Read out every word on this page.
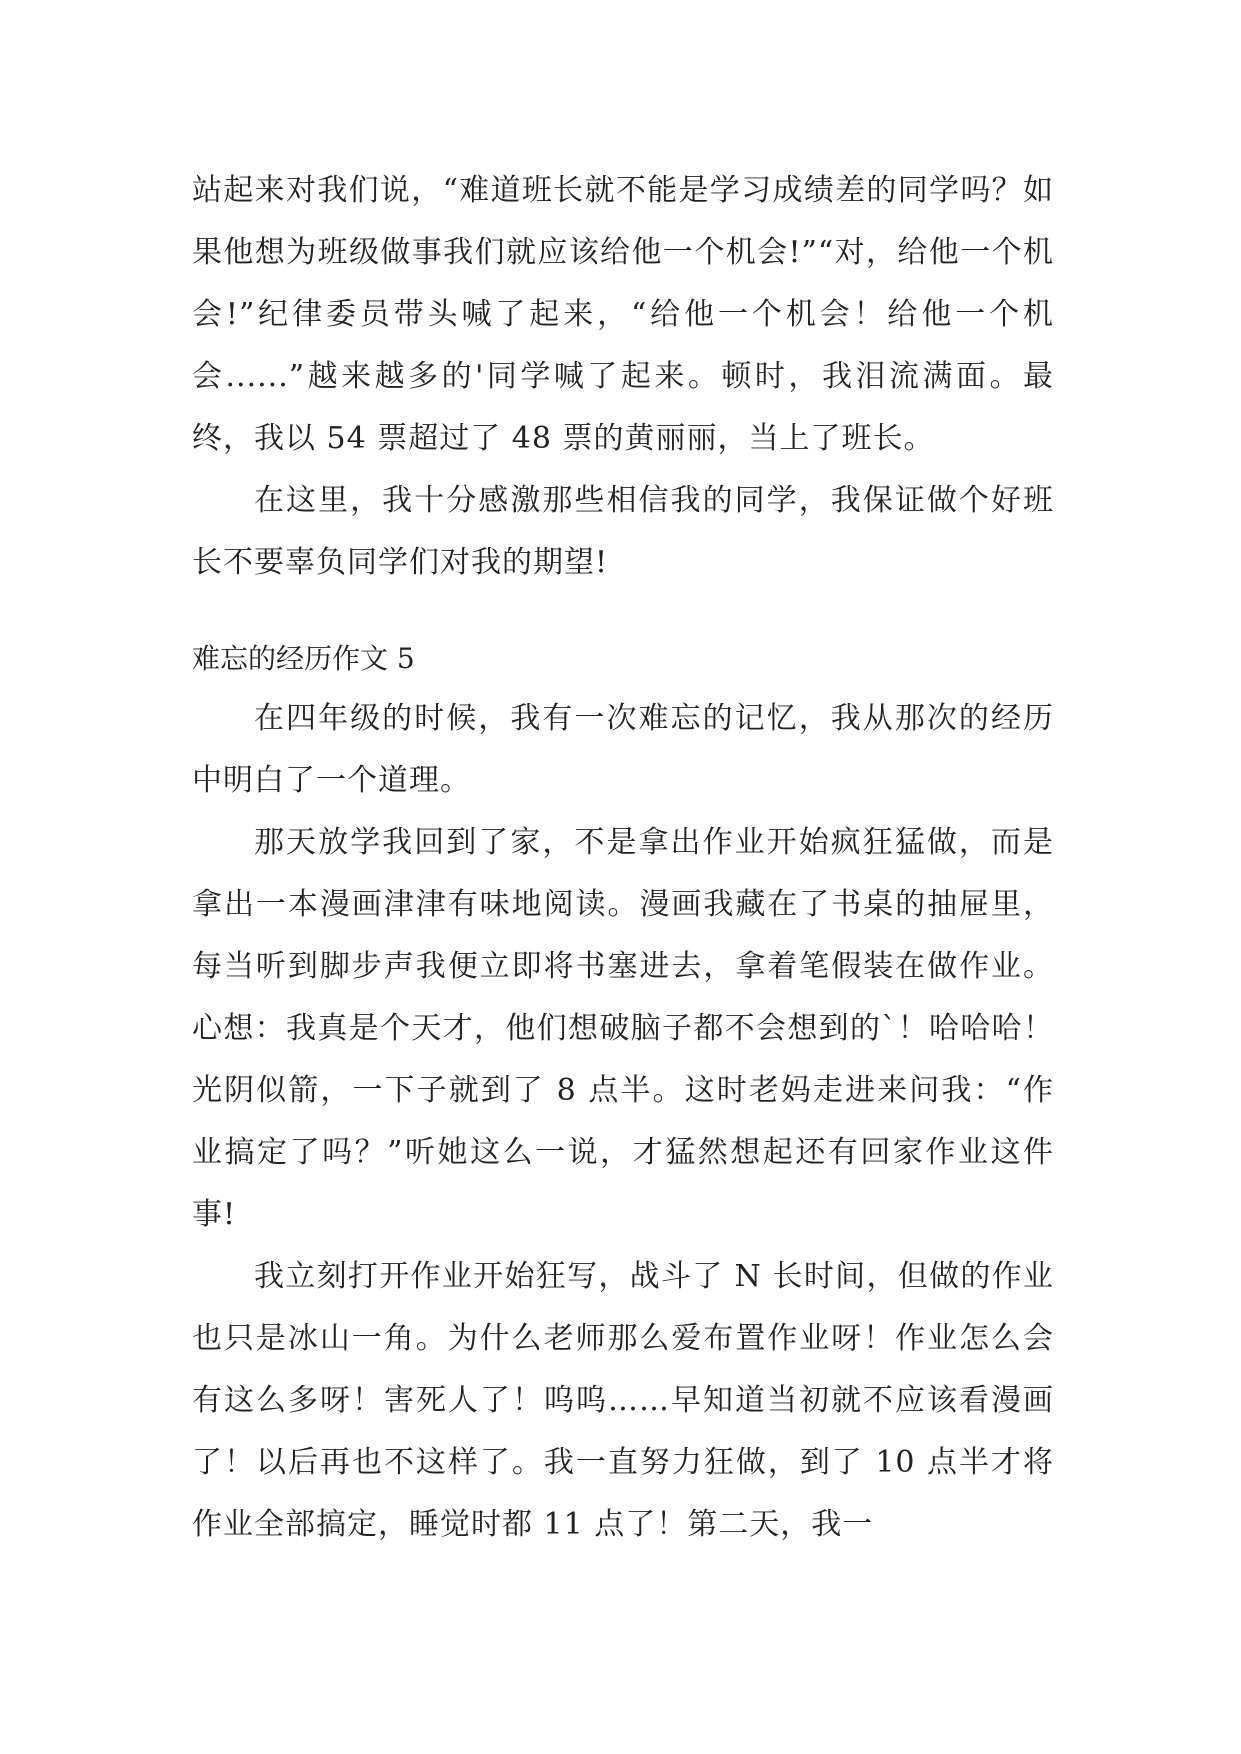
站起来对我们说，“难道班长就不能是学习成绩差的同学吗？如果他想为班级做事我们就应该给他一个机会!”“对，给他一个机会!”纪律委员带头喊了起来，“给他一个机会！给他一个机会......”越来越多的'同学喊了起来。顿时，我泪流满面。最终，我以 54 票超过了 48 票的黄丽丽，当上了班长。

在这里，我十分感激那些相信我的同学，我保证做个好班长不要辜负同学们对我的期望!

难忘的经历作文 5

在四年级的时候，我有一次难忘的记忆，我从那次的经历中明白了一个道理。

那天放学我回到了家，不是拿出作业开始疯狂猛做，而是拿出一本漫画津津有味地阅读。漫画我藏在了书桌的抽屉里，每当听到脚步声我便立即将书塞进去，拿着笔假装在做作业。心想：我真是个天才，他们想破脑子都不会想到的`！哈哈哈！光阴似箭，一下子就到了 8 点半。这时老妈走进来问我：“作业搞定了吗？”听她这么一说，才猛然想起还有回家作业这件事!

我立刻打开作业开始狂写，战斗了 N 长时间，但做的作业也只是冰山一角。为什么老师那么爱布置作业呀！作业怎么会有这么多呀！害死人了！呜呜……早知道当初就不应该看漫画了！以后再也不这样了。我一直努力狂做，到了 10 点半才将作业全部搞定，睡觉时都 11 点了！第二天，我一
